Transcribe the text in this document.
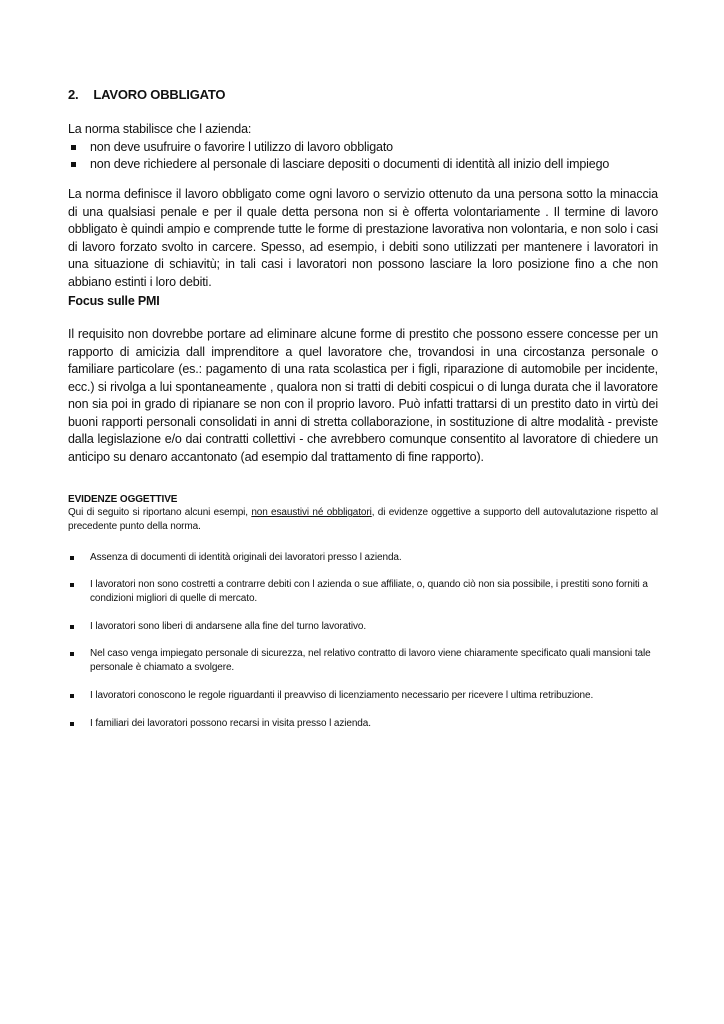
2. LAVORO OBBLIGATO
La norma stabilisce che l azienda:
non deve usufruire o favorire l utilizzo di lavoro obbligato
non deve richiedere al personale di lasciare depositi o documenti di identità all inizio dell impiego
La norma definisce il lavoro obbligato come ogni lavoro o servizio ottenuto da una persona sotto la minaccia di una qualsiasi penale e per il quale detta persona non si è offerta volontariamente . Il termine di lavoro obbligato è quindi ampio e comprende tutte le forme di prestazione lavorativa non volontaria, e non solo i casi di lavoro forzato svolto in carcere. Spesso, ad esempio, i debiti sono utilizzati per mantenere i lavoratori in una situazione di schiavitù; in tali casi i lavoratori non possono lasciare la loro posizione fino a che non abbiano estinti i loro debiti.
Focus sulle PMI
Il requisito non dovrebbe portare ad eliminare alcune forme di prestito che possono essere concesse per un rapporto di amicizia dall imprenditore a quel lavoratore che, trovandosi in una circostanza personale o familiare particolare (es.: pagamento di una rata scolastica per i figli, riparazione di automobile per incidente, ecc.) si rivolga a lui spontaneamente , qualora non si tratti di debiti cospicui o di lunga durata che il lavoratore non sia poi in grado di ripianare se non con il proprio lavoro. Può infatti trattarsi di un prestito dato in virtù dei buoni rapporti personali consolidati in anni di stretta collaborazione, in sostituzione di altre modalità - previste dalla legislazione e/o dai contratti collettivi - che avrebbero comunque consentito al lavoratore di chiedere un anticipo su denaro accantonato (ad esempio dal trattamento di fine rapporto).
EVIDENZE OGGETTIVE
Qui di seguito si riportano alcuni esempi, non esaustivi né obbligatori, di evidenze oggettive a supporto dell autovalutazione rispetto al precedente punto della norma.
Assenza di documenti di identità originali dei lavoratori presso l azienda.
I lavoratori non sono costretti a contrarre debiti con l azienda o sue affiliate, o, quando ciò non sia possibile, i prestiti sono forniti a condizioni migliori di quelle di mercato.
I lavoratori sono liberi di andarsene alla fine del turno lavorativo.
Nel caso venga impiegato personale di sicurezza, nel relativo contratto di lavoro viene chiaramente specificato quali mansioni tale personale è chiamato a svolgere.
I lavoratori conoscono le regole riguardanti il preavviso di licenziamento necessario per ricevere l ultima retribuzione.
I familiari dei lavoratori possono recarsi in visita presso l azienda.
